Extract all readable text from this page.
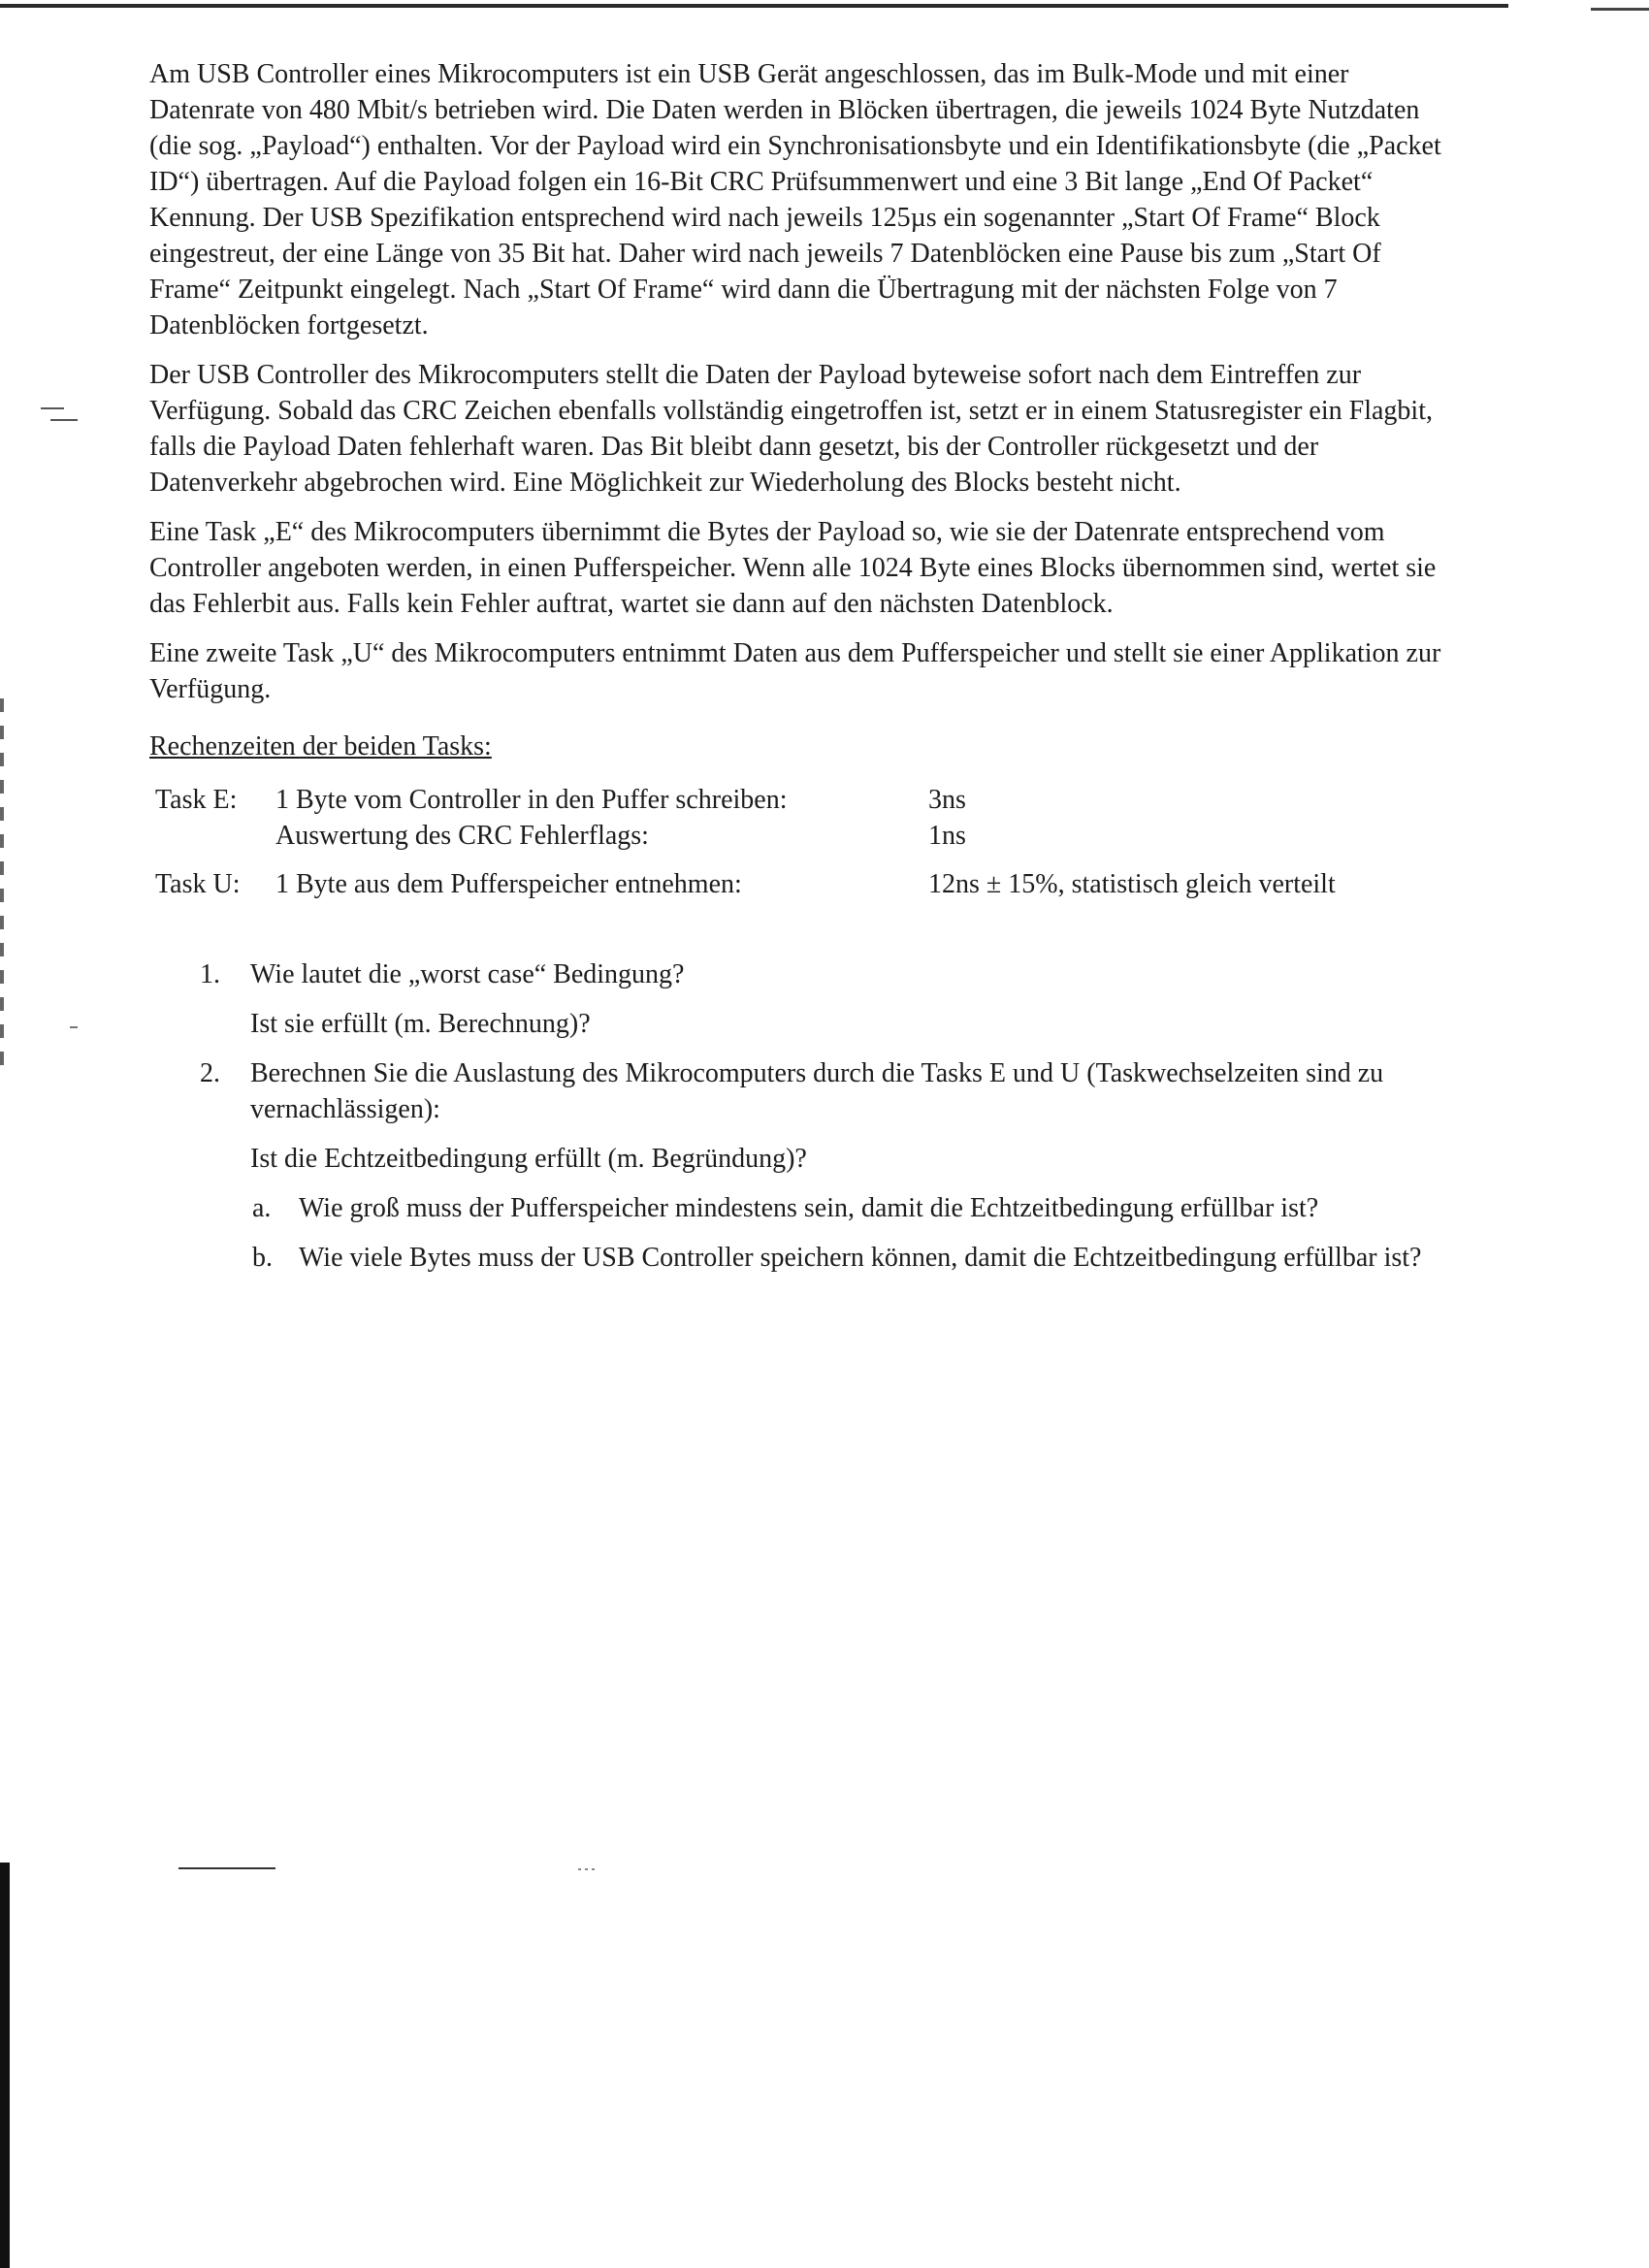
Am USB Controller eines Mikrocomputers ist ein USB Gerät angeschlossen, das im Bulk-Mode und mit einer Datenrate von 480 Mbit/s betrieben wird. Die Daten werden in Blöcken übertragen, die jeweils 1024 Byte Nutzdaten (die sog. „Payload“) enthalten. Vor der Payload wird ein Synchronisationsbyte und ein Identifikationsbyte (die „Packet ID“) übertragen. Auf die Payload folgen ein 16-Bit CRC Prüfsummenwert und eine 3 Bit lange „End Of Packet“ Kennung. Der USB Spezifikation entsprechend wird nach jeweils 125µs ein sogenannter „Start Of Frame“ Block eingestreut, der eine Länge von 35 Bit hat. Daher wird nach jeweils 7 Datenblöcken eine Pause bis zum „Start Of Frame“ Zeitpunkt eingelegt. Nach „Start Of Frame“ wird dann die Übertragung mit der nächsten Folge von 7 Datenblöcken fortgesetzt.

Der USB Controller des Mikrocomputers stellt die Daten der Payload byteweise sofort nach dem Eintreffen zur Verfügung. Sobald das CRC Zeichen ebenfalls vollständig eingetroffen ist, setzt er in einem Statusregister ein Flagbit, falls die Payload Daten fehlerhaft waren. Das Bit bleibt dann gesetzt, bis der Controller rückgesetzt und der Datenverkehr abgebrochen wird. Eine Möglichkeit zur Wiederholung des Blocks besteht nicht.

Eine Task „E“ des Mikrocomputers übernimmt die Bytes der Payload so, wie sie der Datenrate entsprechend vom Controller angeboten werden, in einen Pufferspeicher. Wenn alle 1024 Byte eines Blocks übernommen sind, wertet sie das Fehlerbit aus. Falls kein Fehler auftrat, wartet sie dann auf den nächsten Datenblock.

Eine zweite Task „U“ des Mikrocomputers entnimmt Daten aus dem Pufferspeicher und stellt sie einer Applikation zur Verfügung.

Rechenzeiten der beiden Tasks:

Task E:	1 Byte vom Controller in den Puffer schreiben:	3ns
	Auswertung des CRC Fehlerflags:	1ns
Task U:	1 Byte aus dem Pufferspeicher entnehmen:	12ns ± 15%, statistisch gleich verteilt
1. Wie lautet die „worst case“ Bedingung?

Ist sie erfüllt (m. Berechnung)?

2. Berechnen Sie die Auslastung des Mikrocomputers durch die Tasks E und U (Taskwechselzeiten sind zu vernachlässigen):

Ist die Echtzeitbedingung erfüllt (m. Begründung)?

a. Wie groß muss der Pufferspeicher mindestens sein, damit die Echtzeitbedingung erfüllbar ist?
b. Wie viele Bytes muss der USB Controller speichern können, damit die Echtzeitbedingung erfüllbar ist?
